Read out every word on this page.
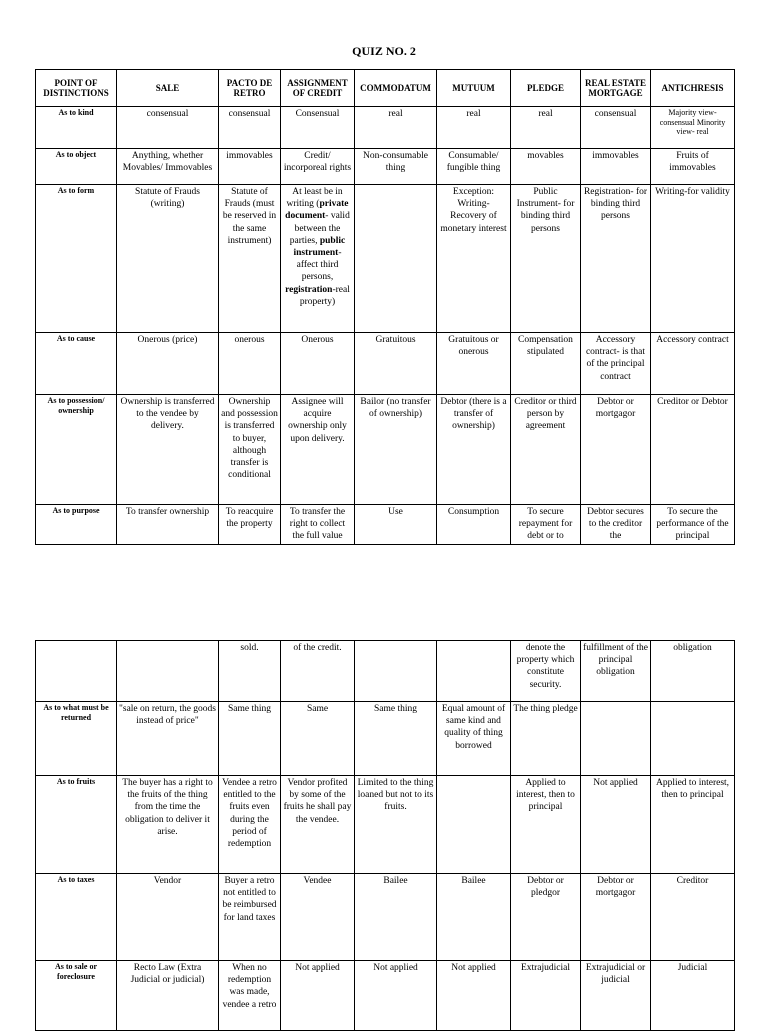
QUIZ NO. 2
POINT OF DISTINCTIONS	SALE	PACTO DE RETRO	ASSIGNMENT OF CREDIT	COMMODATUM	MUTUUM	PLEDGE	REAL ESTATE MORTGAGE	ANTICHRESIS
As to kind	consensual	consensual	Consensual	real	real	real	consensual	Majority view- consensual Minority view- real
As to object	Anything, whether Movables/ Immovables	immovables	Credit/ incorporeal rights	Non-consumable thing	Consumable/ fungible thing	movables	immovables	Fruits of immovables
As to form	Statute of Frauds (writing)	Statute of Frauds (must be reserved in the same instrument)	At least be in writing (private document- valid between the parties, public instrument- affect third persons, registration-real property)		Exception: Writing- Recovery of monetary interest	Public Instrument- for binding third persons	Registration- for binding third persons	Writing-for validity
As to cause	Onerous (price)	onerous	Onerous	Gratuitous	Gratuitous or onerous	Compensation stipulated	Accessory contract- is that of the principal contract	Accessory contract
As to possession/ ownership	Ownership is transferred to the vendee by delivery.	Ownership and possession is transferred to buyer, although transfer is conditional	Assignee will acquire ownership only upon delivery.	Bailor (no transfer of ownership)	Debtor (there is a transfer of ownership)	Creditor or third person by agreement	Debtor or mortgagor	Creditor or Debtor
As to purpose	To transfer ownership	To reacquire the property	To transfer the right to collect the full value	Use	Consumption	To secure repayment for debt or to	Debtor secures to the creditor the	To secure the performance of the principal
		sold.	of the credit.			denote the property which constitute security.	fulfillment of the principal obligation	obligation
As to what must be returned	"sale on return, the goods instead of price"	Same thing	Same	Same thing	Equal amount of same kind and quality of thing borrowed	The thing pledge		
As to fruits	The buyer has a right to the fruits of the thing from the time the obligation to deliver it arise.	Vendee a retro entitled to the fruits even during the period of redemption	Vendor profited by some of the fruits he shall pay the vendee.	Limited to the thing loaned but not to its fruits.		Applied to interest, then to principal	Not applied	Applied to interest, then to principal
As to taxes	Vendor	Buyer a retro not entitled to be reimbursed for land taxes	Vendee	Bailee	Bailee	Debtor or pledgor	Debtor or mortgagor	Creditor
As to sale or foreclosure	Recto Law (Extra Judicial or judicial)	When no redemption was made, vendee a retro	Not applied	Not applied	Not applied	Extrajudicial	Extrajudicial or judicial	Judicial
